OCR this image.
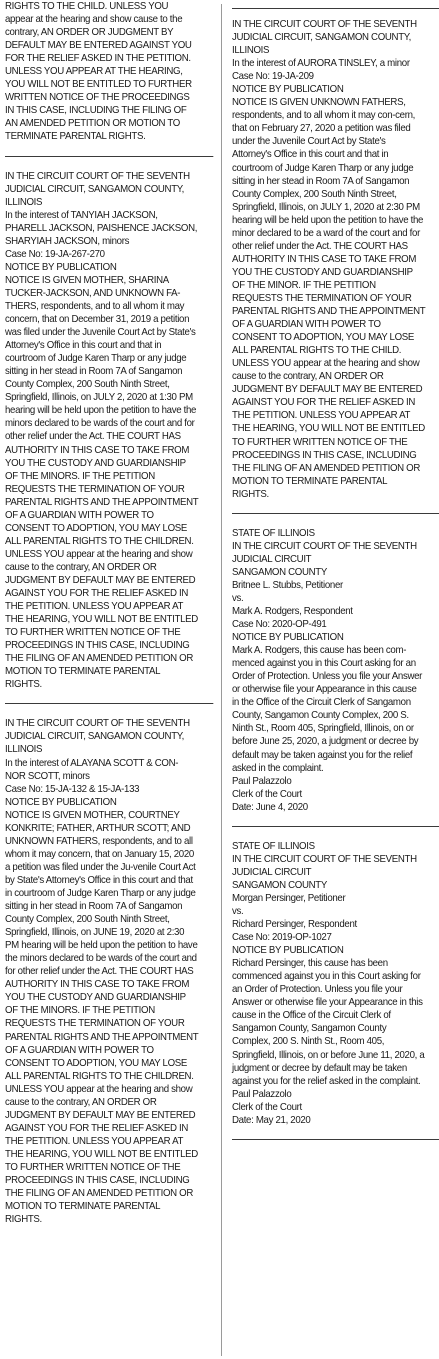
RIGHTS TO THE CHILD. UNLESS YOU appear at the hearing and show cause to the contrary, AN ORDER OR JUDGMENT BY DEFAULT MAY BE ENTERED AGAINST YOU FOR THE RELIEF ASKED IN THE PETITION. UNLESS YOU APPEAR AT THE HEARING, YOU WILL NOT BE ENTITLED TO FURTHER WRITTEN NOTICE OF THE PROCEEDINGS IN THIS CASE, INCLUDING THE FILING OF AN AMENDED PETITION OR MOTION TO TERMINATE PARENTAL RIGHTS.

IN THE CIRCUIT COURT OF THE SEVENTH JUDICIAL CIRCUIT, SANGAMON COUNTY, ILLINOIS

In the interest of TANYIAH JACKSON, PHARELL JACKSON, PAISHENCE JACKSON, SHARYIAH JACKSON, minors

Case No: 19-JA-267-270

NOTICE BY PUBLICATION

NOTICE IS GIVEN MOTHER, SHARINA TUCKER-JACKSON, AND UNKNOWN FA-THERS, respondents, and to all whom it may concern, that on December 31, 2019 a petition was filed under the Juvenile Court Act by State's Attorney's Office in this court and that in courtroom of Judge Karen Tharp or any judge sitting in her stead in Room 7A of Sangamon County Complex, 200 South Ninth Street, Springfield, Illinois, on JULY 2, 2020 at 1:30 PM hearing will be held upon the petition to have the minors declared to be wards of the court and for other relief under the Act. THE COURT HAS AUTHORITY IN THIS CASE TO TAKE FROM YOU THE CUSTODY AND GUARDIANSHIP OF THE MINORS. IF THE PETITION REQUESTS THE TERMINATION OF YOUR PARENTAL RIGHTS AND THE APPOINTMENT OF A GUARDIAN WITH POWER TO CONSENT TO ADOPTION, YOU MAY LOSE ALL PARENTAL RIGHTS TO THE CHILDREN. UNLESS YOU appear at the hearing and show cause to the contrary, AN ORDER OR JUDGMENT BY DEFAULT MAY BE ENTERED AGAINST YOU FOR THE RELIEF ASKED IN THE PETITION. UNLESS YOU APPEAR AT THE HEARING, YOU WILL NOT BE ENTITLED TO FURTHER WRITTEN NOTICE OF THE PROCEEDINGS IN THIS CASE, INCLUDING THE FILING OF AN AMENDED PETITION OR MOTION TO TERMINATE PARENTAL RIGHTS.

IN THE CIRCUIT COURT OF THE SEVENTH JUDICIAL CIRCUIT, SANGAMON COUNTY, ILLINOIS

In the interest of ALAYANA SCOTT & CON-NOR SCOTT, minors

Case No: 15-JA-132 & 15-JA-133

NOTICE BY PUBLICATION

NOTICE IS GIVEN MOTHER, COURTNEY KONKRITE; FATHER, ARTHUR SCOTT; AND UNKNOWN FATHERS, respondents, and to all whom it may concern, that on January 15, 2020 a petition was filed under the Ju-venile Court Act by State's Attorney's Office in this court and that in courtroom of Judge Karen Tharp or any judge sitting in her stead in Room 7A of Sangamon County Complex, 200 South Ninth Street, Springfield, Illinois, on JUNE 19, 2020 at 2:30 PM hearing will be held upon the petition to have the minors declared to be wards of the court and for other relief under the Act. THE COURT HAS AUTHORITY IN THIS CASE TO TAKE FROM YOU THE CUSTODY AND GUARDIANSHIP OF THE MINORS. IF THE PETITION REQUESTS THE TERMINATION OF YOUR PARENTAL RIGHTS AND THE APPOINTMENT OF A GUARDIAN WITH POWER TO CONSENT TO ADOPTION, YOU MAY LOSE ALL PARENTAL RIGHTS TO THE CHILDREN. UNLESS YOU appear at the hearing and show cause to the contrary, AN ORDER OR JUDGMENT BY DEFAULT MAY BE ENTERED AGAINST YOU FOR THE RELIEF ASKED IN THE PETITION. UNLESS YOU APPEAR AT THE HEARING, YOU WILL NOT BE ENTITLED TO FURTHER WRITTEN NOTICE OF THE PROCEEDINGS IN THIS CASE, INCLUDING THE FILING OF AN AMENDED PETITION OR MOTION TO TERMINATE PARENTAL RIGHTS.

IN THE CIRCUIT COURT OF THE SEVENTH JUDICIAL CIRCUIT, SANGAMON COUNTY, ILLINOIS

In the interest of AURORA TINSLEY, a minor

Case No: 19-JA-209

NOTICE BY PUBLICATION

NOTICE IS GIVEN UNKNOWN FATHERS, respondents, and to all whom it may con-cern, that on February 27, 2020 a petition was filed under the Juvenile Court Act by State's Attorney's Office in this court and that in courtroom of Judge Karen Tharp or any judge sitting in her stead in Room 7A of Sangamon County Complex, 200 South Ninth Street, Springfield, Illinois, on JULY 1, 2020 at 2:30 PM hearing will be held upon the petition to have the minor declared to be a ward of the court and for other relief under the Act. THE COURT HAS AUTHORITY IN THIS CASE TO TAKE FROM YOU THE CUSTODY AND GUARDIANSHIP OF THE MINOR. IF THE PETITION REQUESTS THE TERMINATION OF YOUR PARENTAL RIGHTS AND THE APPOINTMENT OF A GUARDIAN WITH POWER TO CONSENT TO ADOPTION, YOU MAY LOSE ALL PARENTAL RIGHTS TO THE CHILD. UNLESS YOU appear at the hearing and show cause to the contrary, AN ORDER OR JUDGMENT BY DEFAULT MAY BE ENTERED AGAINST YOU FOR THE RELIEF ASKED IN THE PETITION. UNLESS YOU APPEAR AT THE HEARING, YOU WILL NOT BE ENTITLED TO FURTHER WRITTEN NOTICE OF THE PROCEEDINGS IN THIS CASE, INCLUDING THE FILING OF AN AMENDED PETITION OR MOTION TO TERMINATE PARENTAL RIGHTS.

STATE OF ILLINOIS

IN THE CIRCUIT COURT OF THE SEVENTH JUDICIAL CIRCUIT

SANGAMON COUNTY

Britnee L. Stubbs, Petitioner

vs.

Mark A. Rodgers, Respondent

Case No: 2020-OP-491

NOTICE BY PUBLICATION

Mark A. Rodgers, this cause has been com-menced against you in this Court asking for an Order of Protection. Unless you file your Answer or otherwise file your Appearance in this cause in the Office of the Circuit Clerk of Sangamon County, Sangamon County Complex, 200 S. Ninth St., Room 405, Springfield, Illinois, on or before June 25, 2020, a judgment or decree by default may be taken against you for the relief asked in the complaint.

Paul Palazzolo

Clerk of the Court

Date: June 4, 2020

STATE OF ILLINOIS

IN THE CIRCUIT COURT OF THE SEVENTH JUDICIAL CIRCUIT

SANGAMON COUNTY

Morgan Persinger, Petitioner

vs.

Richard Persinger, Respondent

Case No: 2019-OP-1027

NOTICE BY PUBLICATION

Richard Persinger, this cause has been commenced against you in this Court asking for an Order of Protection. Unless you file your Answer or otherwise file your Appearance in this cause in the Office of the Circuit Clerk of Sangamon County, Sangamon County Complex, 200 S. Ninth St., Room 405, Springfield, Illinois, on or before June 11, 2020, a judgment or decree by default may be taken against you for the relief asked in the complaint.

Paul Palazzolo

Clerk of the Court

Date: May 21, 2020
